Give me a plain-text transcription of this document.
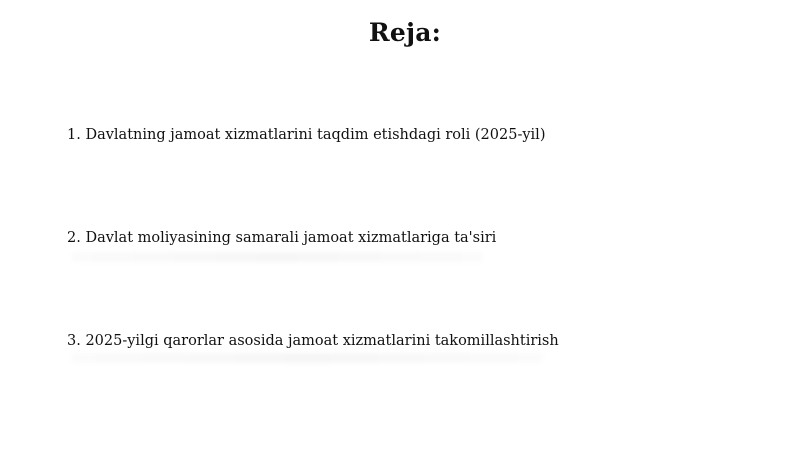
Reja:

1. Davlatning jamoat xizmatlarini taqdim etishdagi roli (2025-yil)

2. Davlat moliyasining samarali jamoat xizmatlariga ta'siri

3. 2025-yilgi qarorlar asosida jamoat xizmatlarini takomillashtirish
